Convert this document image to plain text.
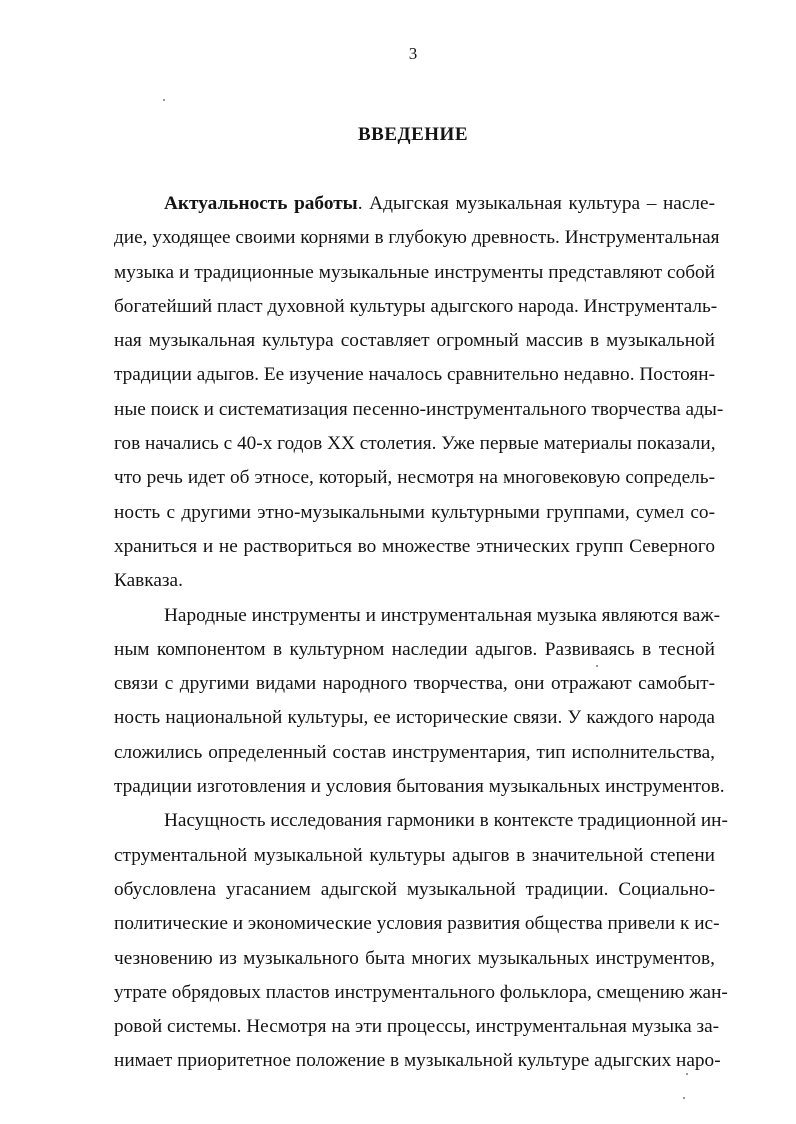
3
ВВЕДЕНИЕ

Актуальность работы. Адыгская музыкальная культура – насле-
дие, уходящее своими корнями в глубокую древность. Инструментальная
музыка и традиционные музыкальные инструменты представляют собой
богатейший пласт духовной культуры адыгского народа. Инструменталь-
ная музыкальная культура составляет огромный массив в музыкальной
традиции адыгов. Ее изучение началось сравнительно недавно. Постоян-
ные поиск и систематизация песенно-инструментального творчества ады-
гов начались с 40-х годов XX столетия. Уже первые материалы показали,
что речь идет об этносе, который, несмотря на многовековую сопредель-
ность с другими этно-музыкальными культурными группами, сумел со-
храниться и не раствориться во множестве этнических групп Северного
Кавказа.

Народные инструменты и инструментальная музыка являются важ-
ным компонентом в культурном наследии адыгов. Развиваясь в тесной
связи с другими видами народного творчества, они отражают самобыт-
ность национальной культуры, ее исторические связи. У каждого народа
сложились определенный состав инструментария, тип исполнительства,
традиции изготовления и условия бытования музыкальных инструментов.

Насущность исследования гармоники в контексте традиционной ин-
струментальной музыкальной культуры адыгов в значительной степени
обусловлена угасанием адыгской музыкальной традиции. Социально-
политические и экономические условия развития общества привели к ис-
чезновению из музыкального быта многих музыкальных инструментов,
утрате обрядовых пластов инструментального фольклора, смещению жан-
ровой системы. Несмотря на эти процессы, инструментальная музыка за-
нимает приоритетное положение в музыкальной культуре адыгских наро-
